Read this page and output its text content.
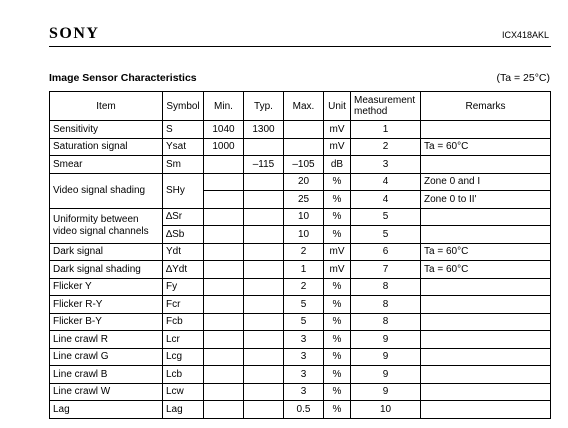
SONY	ICX418AKL
Image Sensor Characteristics	(Ta = 25°C)
Item	Symbol	Min.	Typ.	Max.	Unit	Measurement method	Remarks
Sensitivity	S	1040	1300		mV	1	
Saturation signal	Ysat	1000			mV	2	Ta = 60°C
Smear	Sm		–115	–105	dB	3	
Video signal shading	SHy			20	%	4	Zone 0 and I
				25	%	4	Zone 0 to II'
Uniformity between video signal channels	∆Sr			10	%	5	
	∆Sb			10	%	5	
Dark signal	Ydt			2	mV	6	Ta = 60°C
Dark signal shading	∆Ydt			1	mV	7	Ta = 60°C
Flicker Y	Fy			2	%	8	
Flicker R-Y	Fcr			5	%	8	
Flicker B-Y	Fcb			5	%	8	
Line crawl R	Lcr			3	%	9	
Line crawl G	Lcg			3	%	9	
Line crawl B	Lcb			3	%	9	
Line crawl W	Lcw			3	%	9	
Lag	Lag			0.5	%	10	
